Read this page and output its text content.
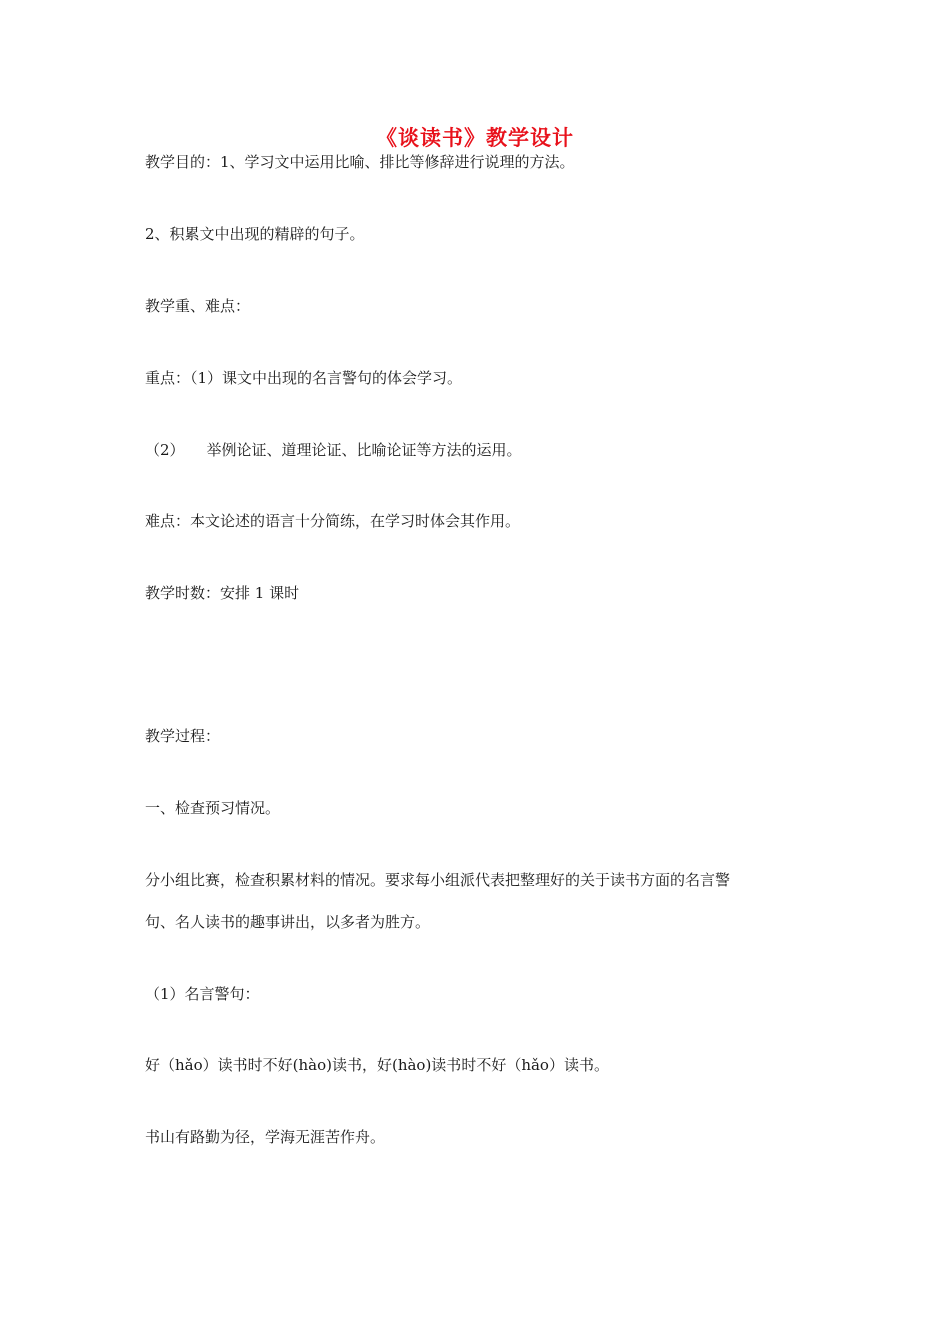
《谈读书》教学设计
教学目的：1、学习文中运用比喻、排比等修辞进行说理的方法。
2、积累文中出现的精辟的句子。
教学重、难点：
重点：（1）课文中出现的名言警句的体会学习。
（2） 举例论证、道理论证、比喻论证等方法的运用。
难点：本文论述的语言十分简练，在学习时体会其作用。
教学时数：安排 1 课时
教学过程：
一、检查预习情况。
分小组比赛，检查积累材料的情况。要求每小组派代表把整理好的关于读书方面的名言警
句、名人读书的趣事讲出，以多者为胜方。
（1）名言警句：
好（hǎo）读书时不好(hào)读书，好(hào)读书时不好（hǎo）读书。
书山有路勤为径，学海无涯苦作舟。
